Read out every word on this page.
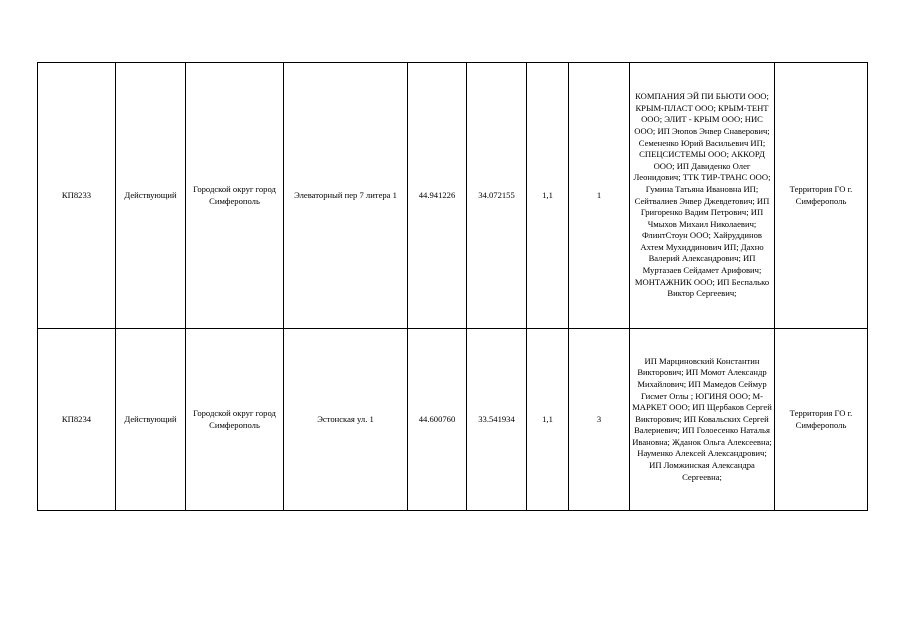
КП8233	Действующий	Городской округ город Симферополь	Элеваторный пер 7 литера 1	44.941226	34.072155	1,1	1	КОМПАНИЯ ЭЙ ПИ БЬЮТИ ООО; КРЫМ-ПЛАСТ ООО; КРЫМ-ТЕНТ ООО; ЭЛИТ - КРЫМ ООО; НИС ООО; ИП Эюпов Энвер Снаверович; Семененко Юрий Васильевич ИП; СПЕЦСИСТЕМЫ ООО; АККОРД ООО; ИП Давиденко Олег Леонидович; ТТК ТИР-ТРАНС ООО; Гумина Татьяна Ивановна ИП; Сейтвалиев Энвер Джевдетович; ИП Григоренко Вадим Петрович; ИП Чмыхов Михаил Николаевич; ФлинтСтоун ООО; Хайруддинов Ахтем Мухиддинович ИП; Дахно Валерий Александрович; ИП Муртазаев Сейдамет Арифович; МОНТАЖНИК ООО; ИП Беспалько Виктор Сергеевич;	Территория ГО г. Симферополь
КП8234	Действующий	Городской округ город Симферополь	Эстонская ул. 1	44.600760	33.541934	1,1	3	ИП Марциновский Константин Викторович; ИП Момот Александр Михайлович; ИП Мамедов Сеймур Гисмет Оглы ; ЮГИНЯ ООО; М-МАРКЕТ ООО; ИП Щербаков Сергей Викторович; ИП Ковальских Сергей Валериевич; ИП Голоесенко Наталья Ивановна; Жданок Ольга Алексеевна; Науменко Алексей Александрович; ИП Ломжинская Александра Сергеевна;	Территория ГО г. Симферополь
